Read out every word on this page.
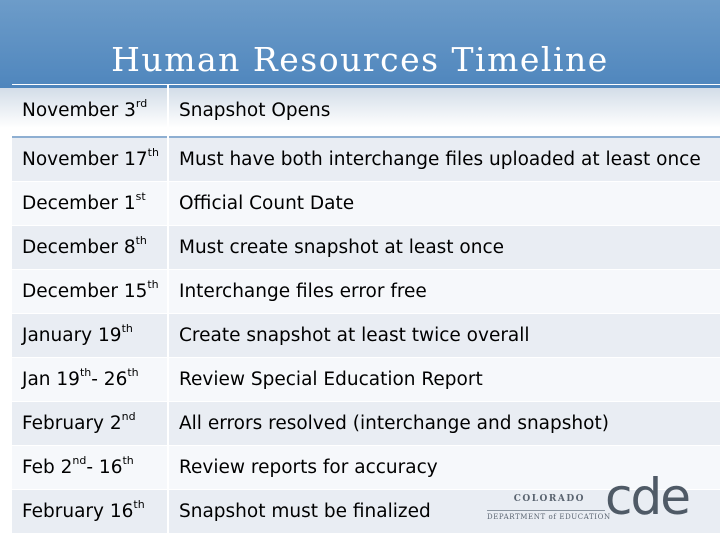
Human Resources Timeline
November 3rd	Snapshot Opens
November 17th	Must have both interchange files uploaded at least once
December 1st	Official Count Date
December 8th	Must create snapshot at least once
December 15th	Interchange files error free
January 19th	Create snapshot at least twice overall
Jan 19th- 26th	Review Special Education Report
February 2nd	All errors resolved (interchange and snapshot)
Feb 2nd- 16th	Review reports for accuracy
February 16th	Snapshot must be finalized
COLORADO
DEPARTMENT of EDUCATION
cde
